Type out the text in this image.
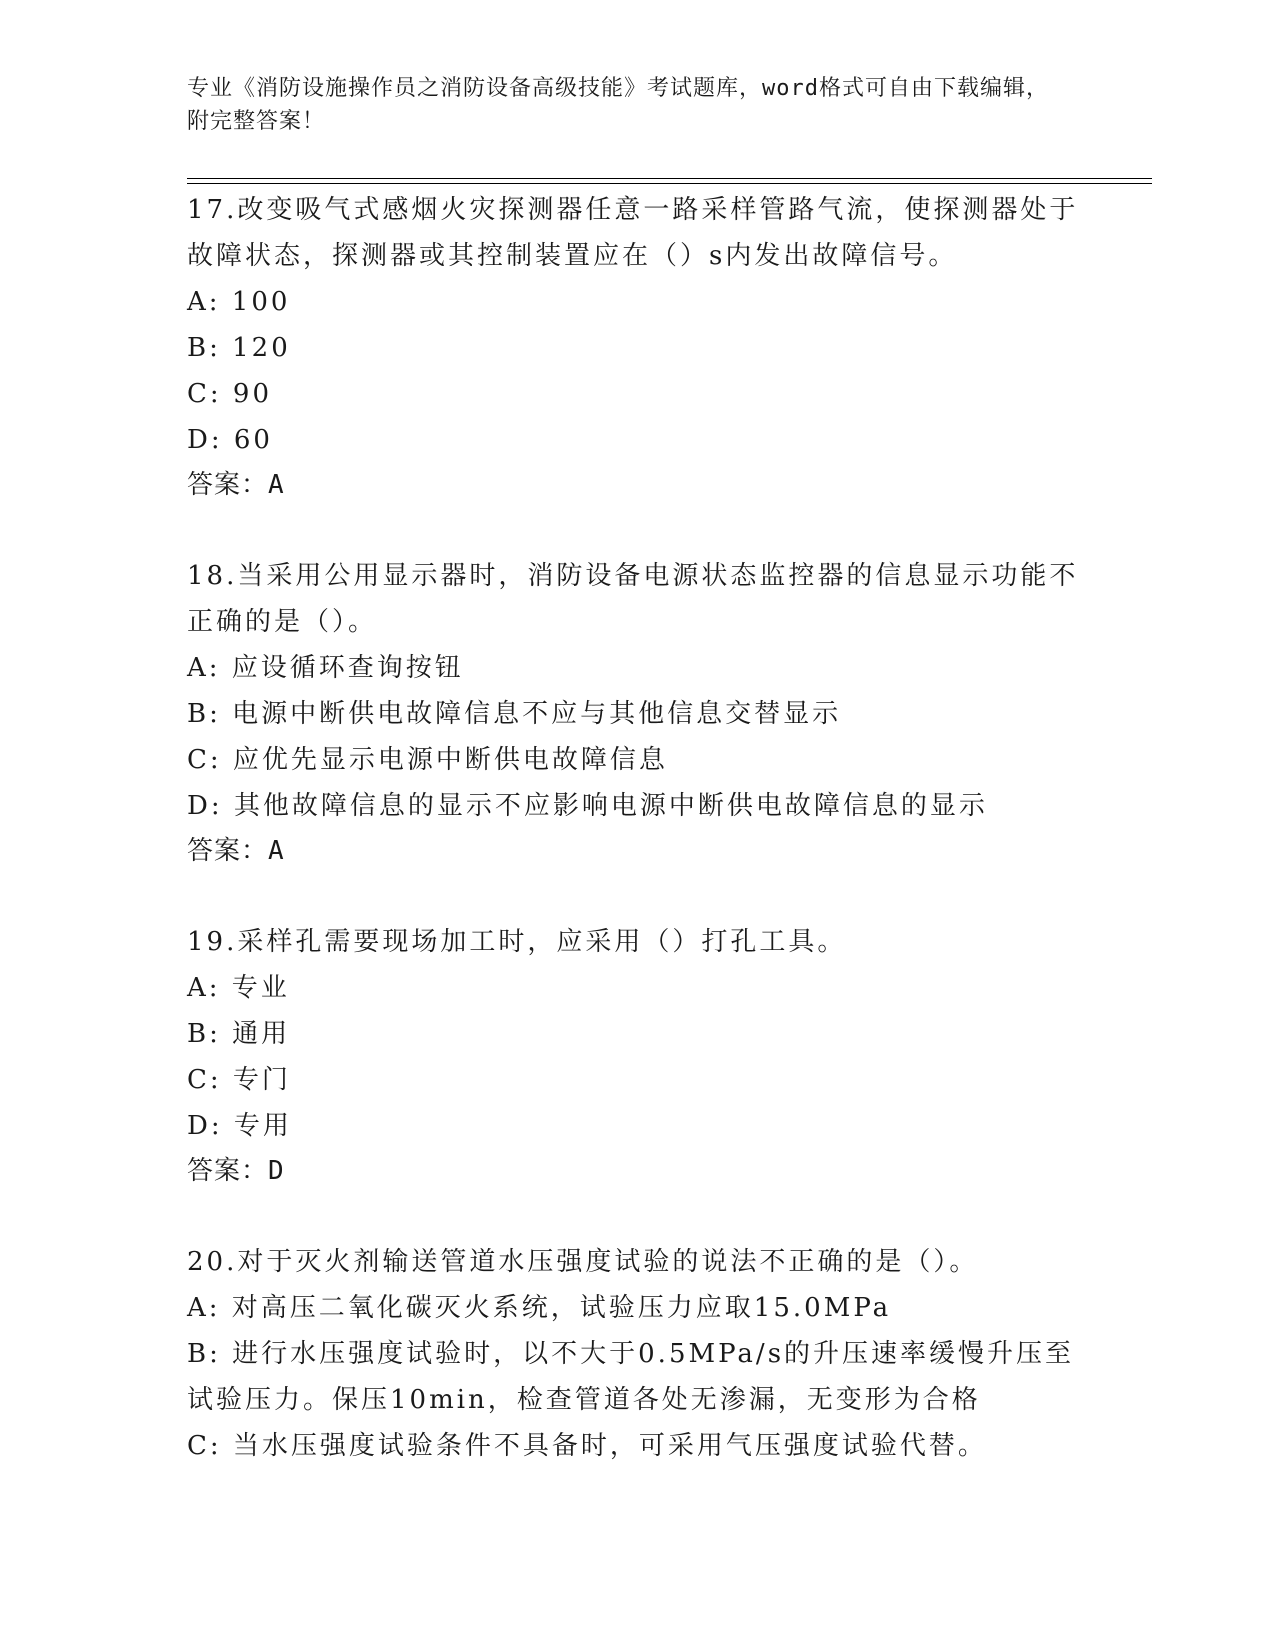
专业《消防设施操作员之消防设备高级技能》考试题库，word格式可自由下载编辑，附完整答案！

17.改变吸气式感烟火灾探测器任意一路采样管路气流，使探测器处于故障状态，探测器或其控制装置应在（）s内发出故障信号。

A: 100

B: 120

C: 90

D: 60

答案：A

18.当采用公用显示器时，消防设备电源状态监控器的信息显示功能不正确的是（）。

A: 应设循环查询按钮

B: 电源中断供电故障信息不应与其他信息交替显示

C: 应优先显示电源中断供电故障信息

D: 其他故障信息的显示不应影响电源中断供电故障信息的显示

答案：A

19.采样孔需要现场加工时，应采用（）打孔工具。

A: 专业

B: 通用

C: 专门

D: 专用

答案：D

20.对于灭火剂输送管道水压强度试验的说法不正确的是（）。

A: 对高压二氧化碳灭火系统，试验压力应取15.0MPa

B: 进行水压强度试验时，以不大于0.5MPa/s的升压速率缓慢升压至试验压力。保压10min，检查管道各处无渗漏，无变形为合格

C: 当水压强度试验条件不具备时，可采用气压强度试验代替。
